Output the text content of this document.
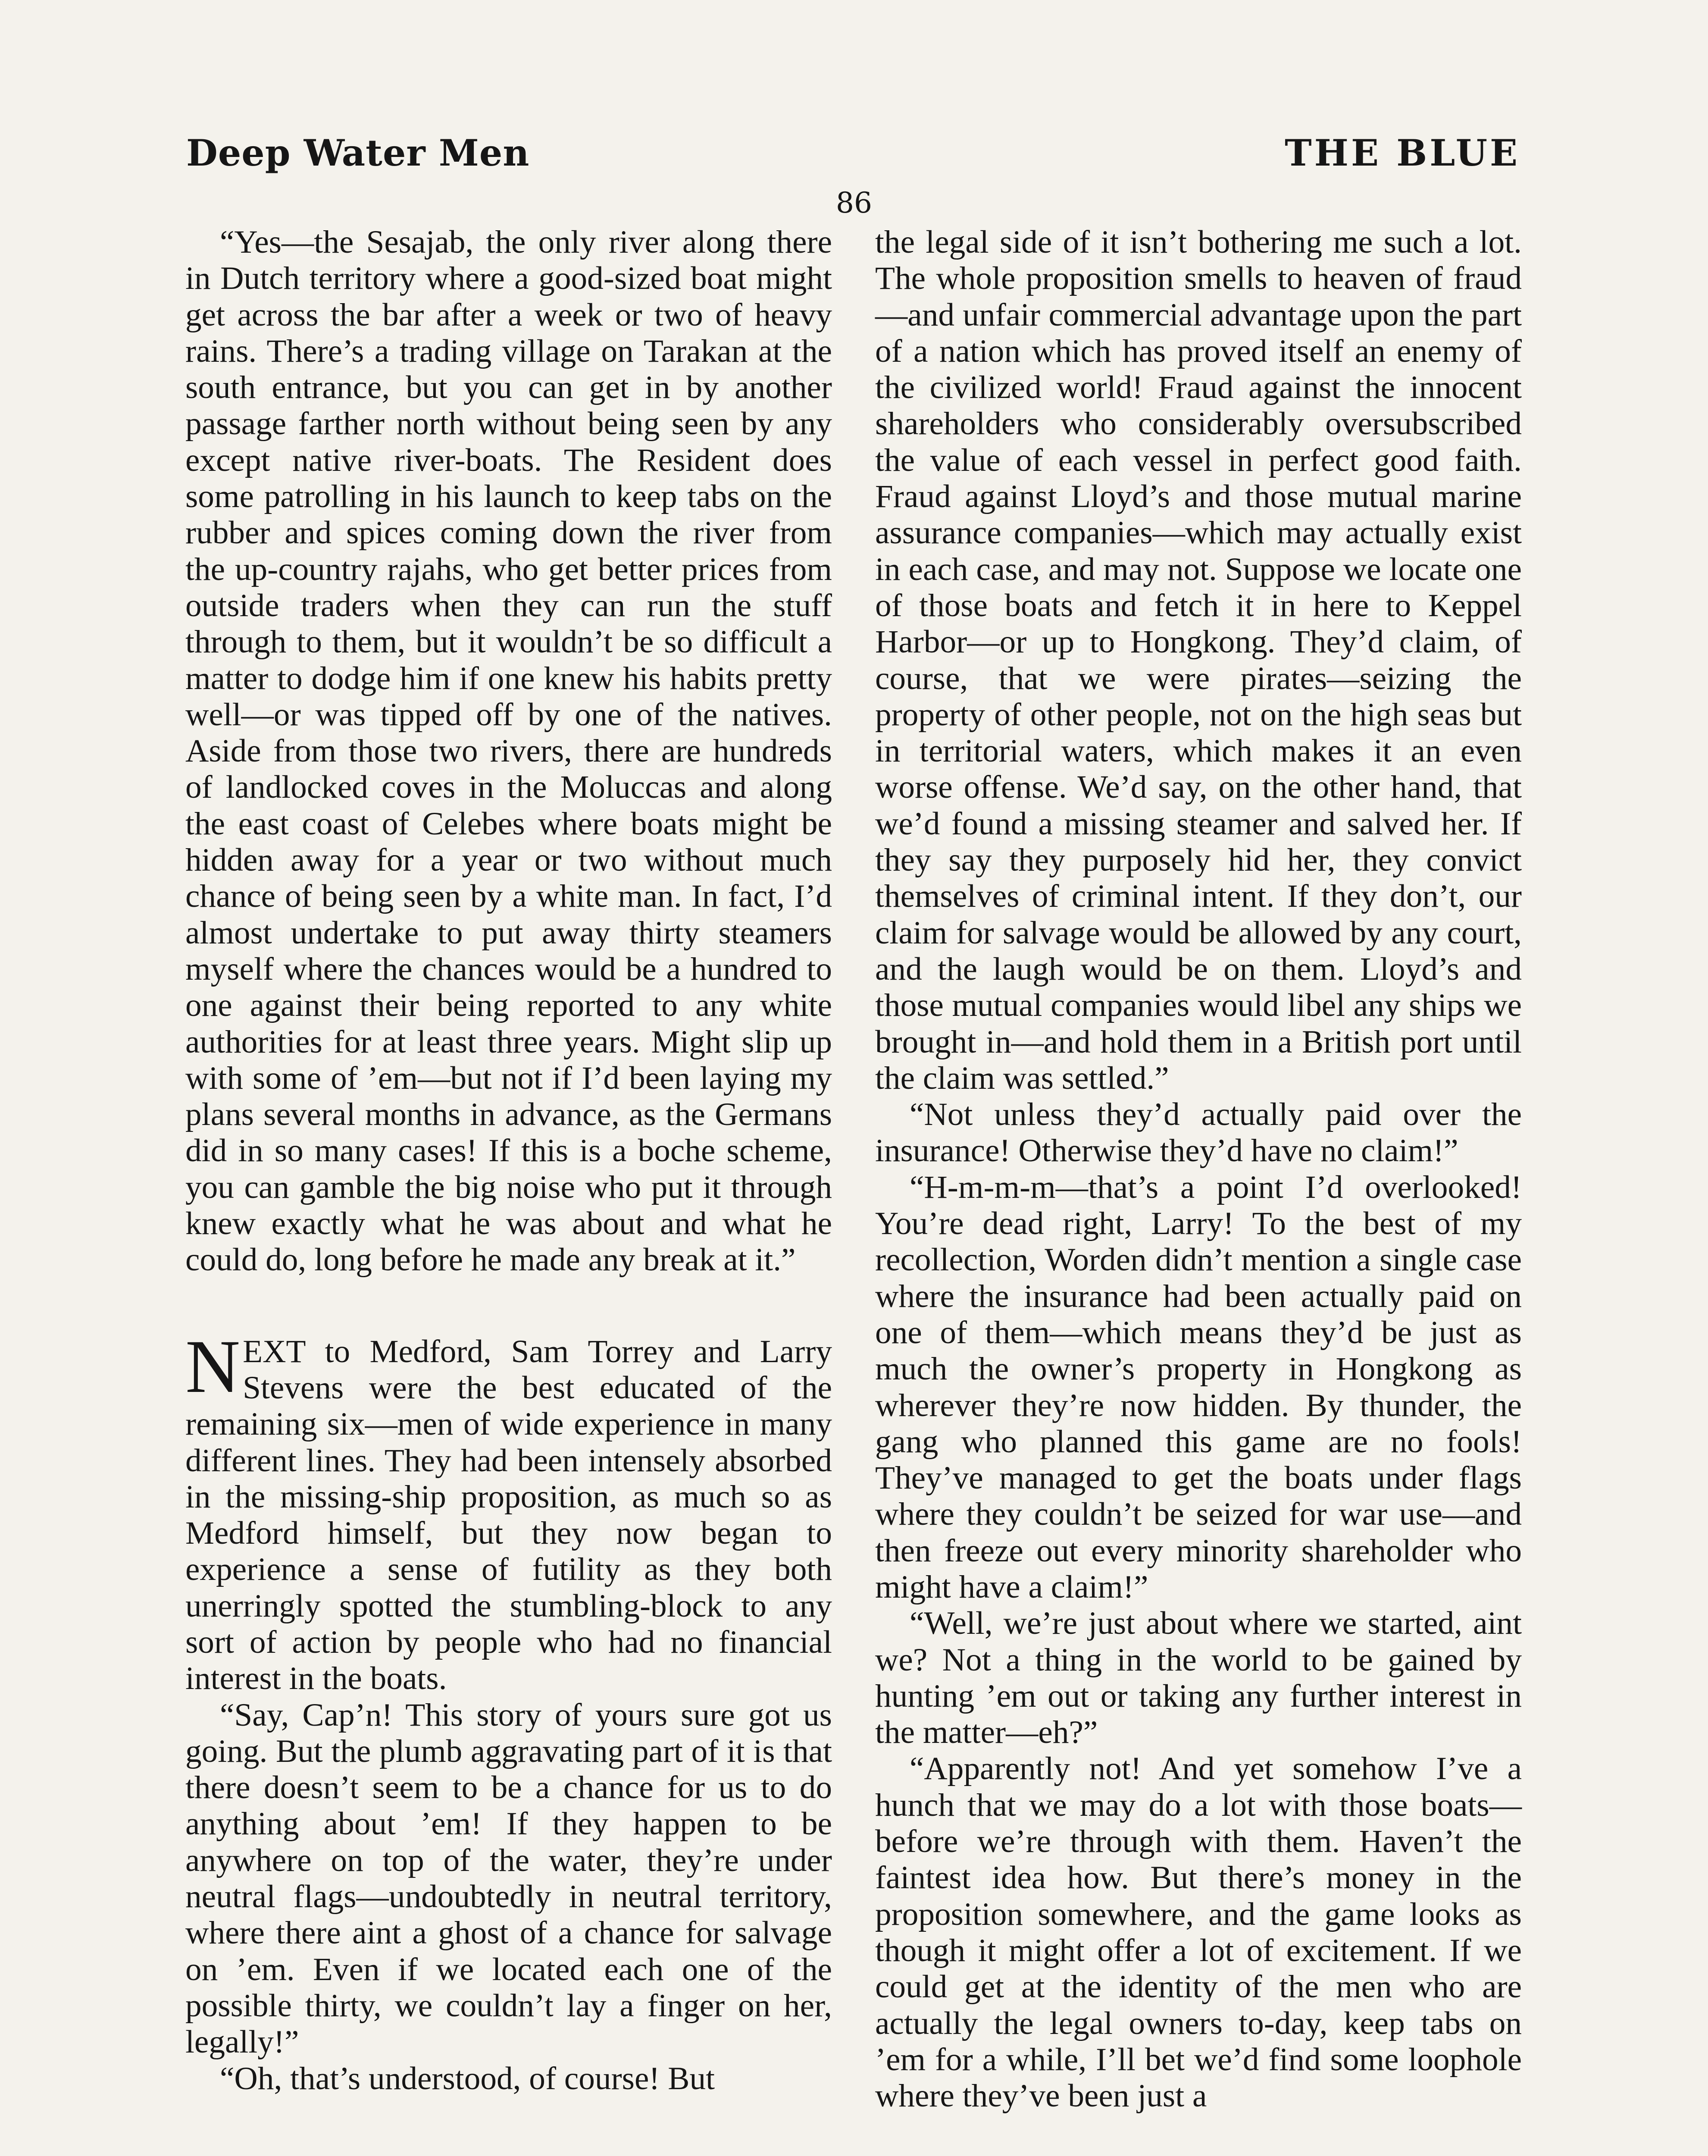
Deep Water Men	THE BLUE
86

“Yes—the Sesajab, the only river along there in Dutch territory where a good-sized boat might get across the bar after a week or two of heavy rains. There’s a trading village on Tarakan at the south entrance, but you can get in by another passage farther north without being seen by any except native river-boats. The Resident does some patrolling in his launch to keep tabs on the rubber and spices coming down the river from the up-country rajahs, who get better prices from outside traders when they can run the stuff through to them, but it wouldn’t be so difficult a matter to dodge him if one knew his habits pretty well—or was tipped off by one of the natives. Aside from those two rivers, there are hundreds of landlocked coves in the Moluccas and along the east coast of Celebes where boats might be hidden away for a year or two without much chance of being seen by a white man. In fact, I’d almost undertake to put away thirty steamers myself where the chances would be a hundred to one against their being reported to any white authorities for at least three years. Might slip up with some of ’em—but not if I’d been laying my plans several months in advance, as the Germans did in so many cases! If this is a boche scheme, you can gamble the big noise who put it through knew exactly what he was about and what he could do, long before he made any break at it.”

NEXT to Medford, Sam Torrey and Larry Stevens were the best educated of the remaining six—men of wide experience in many different lines. They had been intensely absorbed in the missing-ship proposition, as much so as Medford himself, but they now began to experience a sense of futility as they both unerringly spotted the stumbling-block to any sort of action by people who had no financial interest in the boats.

“Say, Cap’n! This story of yours sure got us going. But the plumb aggravating part of it is that there doesn’t seem to be a chance for us to do anything about ’em! If they happen to be anywhere on top of the water, they’re under neutral flags—undoubtedly in neutral territory, where there aint a ghost of a chance for salvage on ’em. Even if we located each one of the possible thirty, we couldn’t lay a finger on her, legally!”

“Oh, that’s understood, of course! But

the legal side of it isn’t bothering me such a lot. The whole proposition smells to heaven of fraud—and unfair commercial advantage upon the part of a nation which has proved itself an enemy of the civilized world! Fraud against the innocent shareholders who considerably oversubscribed the value of each vessel in perfect good faith. Fraud against Lloyd’s and those mutual marine assurance companies—which may actually exist in each case, and may not. Suppose we locate one of those boats and fetch it in here to Keppel Harbor—or up to Hongkong. They’d claim, of course, that we were pirates—seizing the property of other people, not on the high seas but in territorial waters, which makes it an even worse offense. We’d say, on the other hand, that we’d found a missing steamer and salved her. If they say they purposely hid her, they convict themselves of criminal intent. If they don’t, our claim for salvage would be allowed by any court, and the laugh would be on them. Lloyd’s and those mutual companies would libel any ships we brought in—and hold them in a British port until the claim was settled.”

“Not unless they’d actually paid over the insurance! Otherwise they’d have no claim!”

“H-m-m-m—that’s a point I’d overlooked! You’re dead right, Larry! To the best of my recollection, Worden didn’t mention a single case where the insurance had been actually paid on one of them—which means they’d be just as much the owner’s property in Hongkong as wherever they’re now hidden. By thunder, the gang who planned this game are no fools! They’ve managed to get the boats under flags where they couldn’t be seized for war use—and then freeze out every minority shareholder who might have a claim!”

“Well, we’re just about where we started, aint we? Not a thing in the world to be gained by hunting ’em out or taking any further interest in the matter—eh?”

“Apparently not! And yet somehow I’ve a hunch that we may do a lot with those boats—before we’re through with them. Haven’t the faintest idea how. But there’s money in the proposition somewhere, and the game looks as though it might offer a lot of excitement. If we could get at the identity of the men who are actually the legal owners to-day, keep tabs on ’em for a while, I’ll bet we’d find some loophole where they’ve been just a
